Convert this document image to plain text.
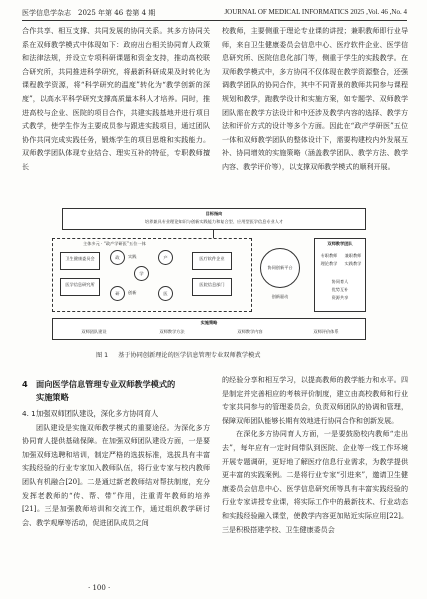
医学信息学杂志　2025 年第 46 卷第 4 期	JOURNAL OF MEDICAL INFORMATICS 2025 ,Vol. 46 ,No. 4

合作共享、相互支撑、共同发展的协同关系。其多方协同关系在双师教学模式中体现如下：政府出台相关协同育人政策和法律法规，并设立专项科研课题和资金支持，推动高校联合研究所，共同推进科学研究，将最新科研成果及时转化为课程教学资源，将“科学研究的温度”转化为“教学创新的深度”，以高水平科学研究支撑高质量本科人才培养。同时，推进高校与企业、医院的项目合作，共建实践基地并进行项目式教学，使学生作为主要成员参与跟进实践项目，通过团队协作共同完成实践任务，锻炼学生的项目思维和实践能力。双师教学团队体现专业结合、理实互补的特征，专职教师擅长

校教师，主要侧重于理论专业课的讲授；兼职教师即行业导师，来自卫生健康委员会信息中心、医疗软件企业、医学信息研究所、医院信息化部门等，侧重于学生的实践教学。在双师教学模式中，多方协同不仅体现在教学资源整合，还强调教学团队的协同合作，其中不同背景的教师共同参与课程规划和教学，跑教学设计和实施方案，如专题学、双师教学团队需在教学方法设计和中还涉及教学内容的选择、教学方法和评价方式的设计等多个方面。因此在“政产学研医”五位一体和双师教学团队的整体设计下，需要构建校内外发展互补、协同增效的实施策略（涵盖教学团队、教学方法、教学内容、教学评价等），以支撑双师教学模式的顺利开展。

目标指向
培养兼具专业理论知识与创新实践能力和复合型、应用型医学信息专业人才
主体多元 · “政产学研医”五位一体
卫生健康委员会
医学信息研究所
医疗软件企业
医院信息部门
政	产
学
研	医
实践
创新
协同创新平台
创新驱动
双师教学团队
专职教师
理论教学
兼职教师
实践教学
协同育人
优势互补
资源共享
实施策略
双师团队建设	双师教学方法	双师教学内容	双师评价体系
图 1 基于协同创新理论的医学信息管理专业双师教学模式
4 面向医学信息管理专业双师教学模式的
实施策略
4. 1加强双师团队建设，深化多方协同育人

团队建设是实施双师教学模式的重要途径。为深化多方协同育人提供基础保障。在加强双师团队建设方面，一是要加强双师选聘和培训，制定严格的选拔标准，选拔具有丰富实践经验的行业专家加入教师队伍，将行业专家与校内教师团队有机融合[20]。二是通过新老教师结对帮扶制度，充分发挥老教师的“传、帮、带”作用，注重青年教师的培养[21]。三是加强教师培训和交流工作，通过组织教学研讨会、教学观摩等活动，促进团队成员之间

的经验分享和相互学习，以提高教师的教学能力和水平。四是制定并完善相应的考核评价制度，建立由高校教师和行业专家共同参与的管理委员会，负责双师团队的协调和管理，保障双师团队能够长期有效地进行协同合作和创新发展。

在深化多方协同育人方面，一是要鼓励校内教师“走出去”，每年应有一定时间带队到医院、企业等一线工作环境开展专题调研，更好地了解医疗信息行业需求，为教学提供更丰富的实践案例。二是将行业专家“引进来”，邀请卫生健康委员会信息中心、医学信息研究所等具有丰富实践经验的行业专家讲授专业课，将实际工作中的最新技术、行业动态和实践经验融入课堂，使教学内容更加贴近实际应用[22]。三是积极搭建学校、卫生健康委员会

· 100 ·
